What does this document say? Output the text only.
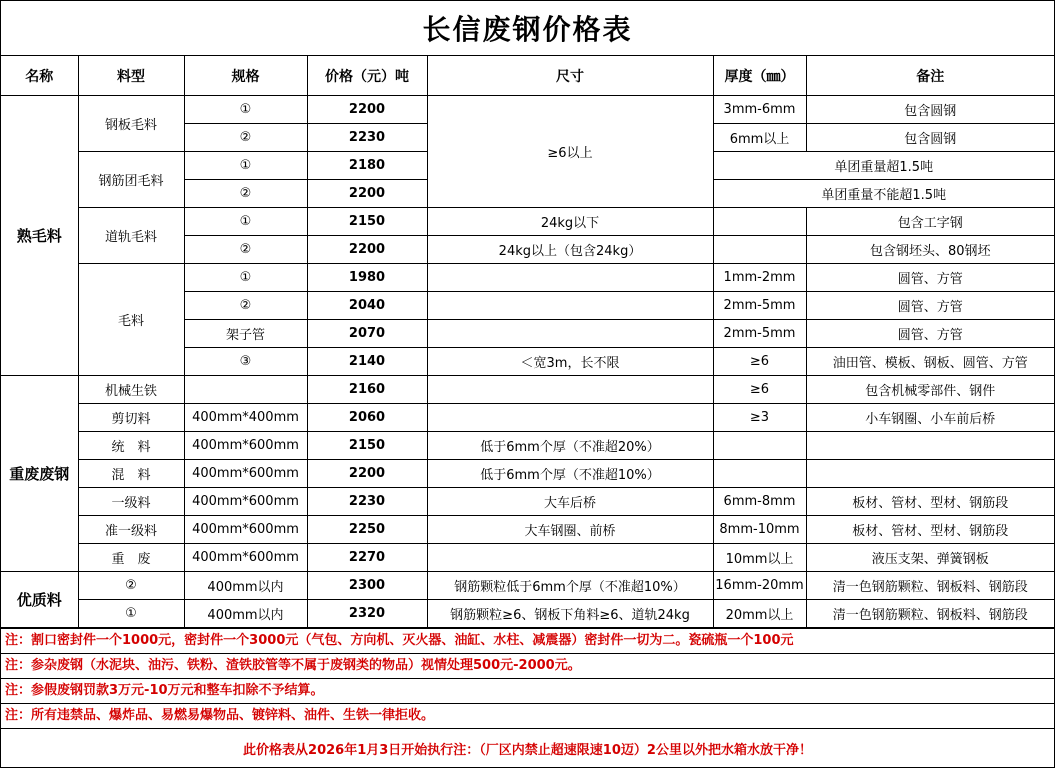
长信废钢价格表
名称	料型	规格	价格（元）吨	尺寸	厚度（㎜）	备注
熟毛料	钢板毛料	①	2200	≥6以上	3mm-6mm	包含圆钢
		②	2230		6mm以上	包含圆钢
	钢筋团毛料	①	2180		单团重量超1.5吨	
		②	2200		单团重量不能超1.5吨	
	道轨毛料	①	2150	24kg以下		包含工字钢
		②	2200	24kg以上（包含24kg）		包含钢坯头、80钢坯
	毛料	①	1980		1mm-2mm	圆管、方管
		②	2040		2mm-5mm	圆管、方管
		架子管	2070		2mm-5mm	圆管、方管
		③	2140	＜宽3m，长不限	≥6	油田管、模板、钢板、圆管、方管
重废废钢	机械生铁		2160		≥6	包含机械零部件、钢件
	剪切料	400mm*400mm	2060		≥3	小车钢圈、小车前后桥
	统　料	400mm*600mm	2150	低于6mm个厚（不准超20%）		
	混　料	400mm*600mm	2200	低于6mm个厚（不准超10%）		
	一级料	400mm*600mm	2230	大车后桥	6mm-8mm	板材、管材、型材、钢筋段
	准一级料	400mm*600mm	2250	大车钢圈、前桥	8mm-10mm	板材、管材、型材、钢筋段
	重　废	400mm*600mm	2270		10mm以上	液压支架、弹簧钢板
优质料	②	400mm以内	2300	钢筋颗粒低于6mm个厚（不准超10%）	16mm-20mm	清一色钢筋颗粒、钢板料、钢筋段
	①	400mm以内	2320	钢筋颗粒≥6、钢板下角料≥6、道轨24kg	20mm以上	清一色钢筋颗粒、钢板料、钢筋段
注：割口密封件一个1000元，密封件一个3000元（气包、方向机、灭火器、油缸、水柱、减震器）密封件一切为二。瓷硫瓶一个100元
注：参杂废钢（水泥块、油污、铁粉、渣铁胶管等不属于废钢类的物品）视情处理500元-2000元。
注：参假废钢罚款3万元-10万元和整车扣除不予结算。
注：所有违禁品、爆炸品、易燃易爆物品、镀锌料、油件、生铁一律拒收。
此价格表从2026年1月3日开始执行注：（厂区内禁止超速限速10迈）2公里以外把水箱水放干净！
